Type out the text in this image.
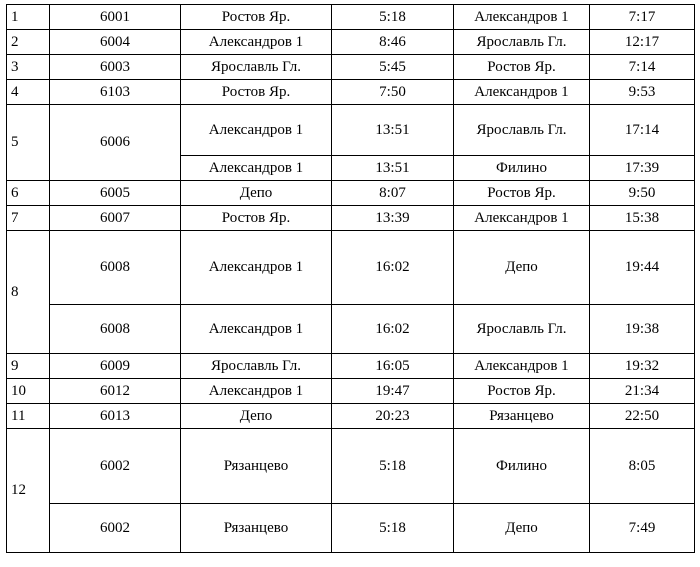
1	6001	Ростов Яр.	5:18	Александров 1	7:17
2	6004	Александров 1	8:46	Ярославль Гл.	12:17
3	6003	Ярославль Гл.	5:45	Ростов Яр.	7:14
4	6103	Ростов Яр.	7:50	Александров 1	9:53
5	6006	Александров 1	13:51	Ярославль Гл.	17:14
		Александров 1	13:51	Филино	17:39
6	6005	Депо	8:07	Ростов Яр.	9:50
7	6007	Ростов Яр.	13:39	Александров 1	15:38
8	6008	Александров 1	16:02	Депо	19:44
	6008	Александров 1	16:02	Ярославль Гл.	19:38
9	6009	Ярославль Гл.	16:05	Александров 1	19:32
10	6012	Александров 1	19:47	Ростов Яр.	21:34
11	6013	Депо	20:23	Рязанцево	22:50
12	6002	Рязанцево	5:18	Филино	8:05
	6002	Рязанцево	5:18	Депо	7:49
